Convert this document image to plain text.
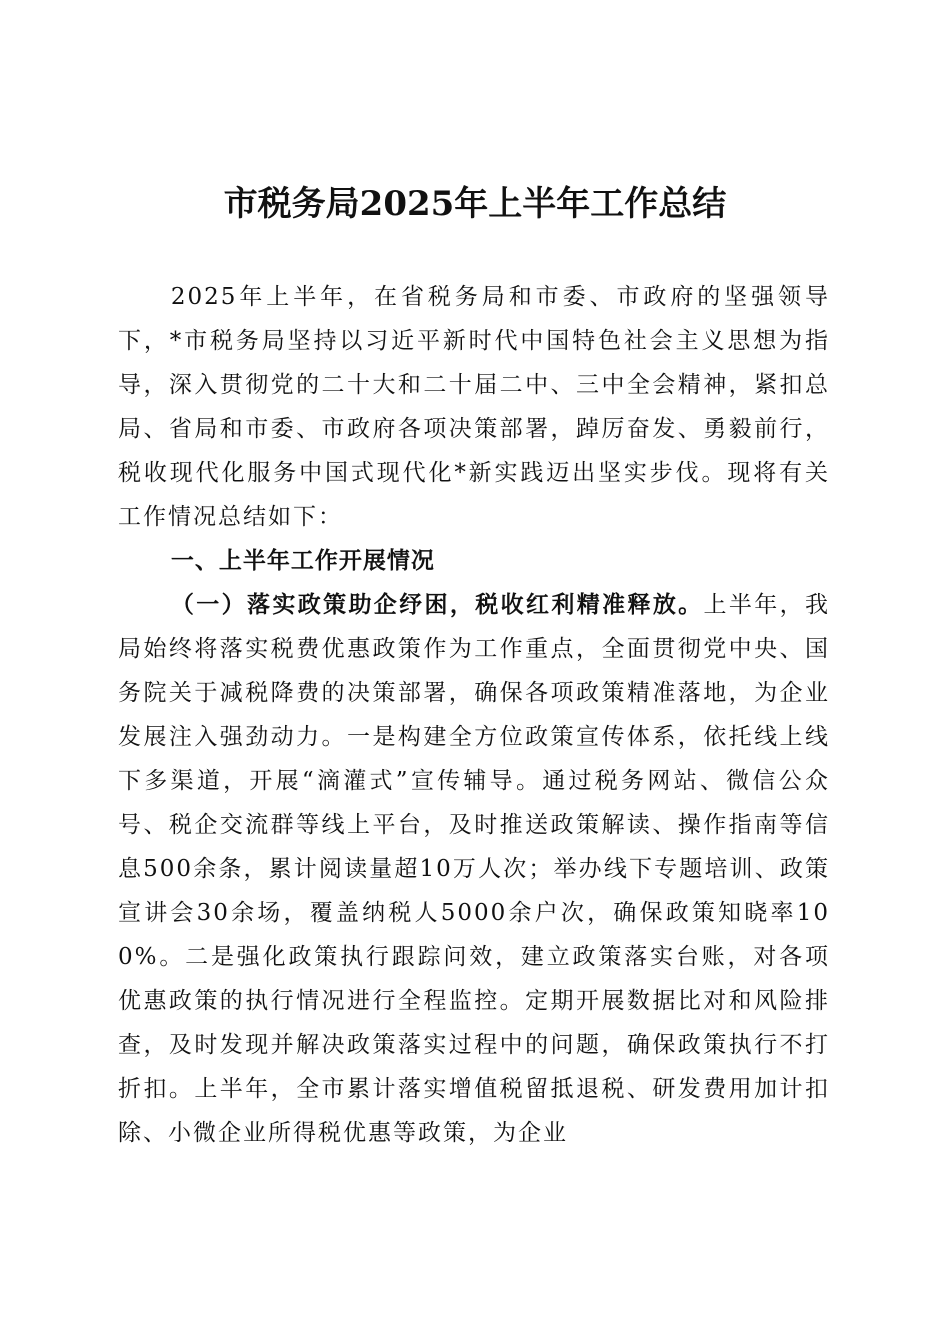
市税务局2025年上半年工作总结

2025年上半年，在省税务局和市委、市政府的坚强领导下，*市税务局坚持以习近平新时代中国特色社会主义思想为指导，深入贯彻党的二十大和二十届二中、三中全会精神，紧扣总局、省局和市委、市政府各项决策部署，踔厉奋发、勇毅前行，税收现代化服务中国式现代化*新实践迈出坚实步伐。现将有关工作情况总结如下：

一、上半年工作开展情况

（一）落实政策助企纾困，税收红利精准释放。上半年，我局始终将落实税费优惠政策作为工作重点，全面贯彻党中央、国务院关于减税降费的决策部署，确保各项政策精准落地，为企业发展注入强劲动力。一是构建全方位政策宣传体系，依托线上线下多渠道，开展“滴灌式”宣传辅导。通过税务网站、微信公众号、税企交流群等线上平台，及时推送政策解读、操作指南等信息500余条，累计阅读量超10万人次；举办线下专题培训、政策宣讲会30余场，覆盖纳税人5000余户次，确保政策知晓率100%。二是强化政策执行跟踪问效，建立政策落实台账，对各项优惠政策的执行情况进行全程监控。定期开展数据比对和风险排查，及时发现并解决政策落实过程中的问题，确保政策执行不打折扣。上半年，全市累计落实增值税留抵退税、研发费用加计扣除、小微企业所得税优惠等政策，为企业
